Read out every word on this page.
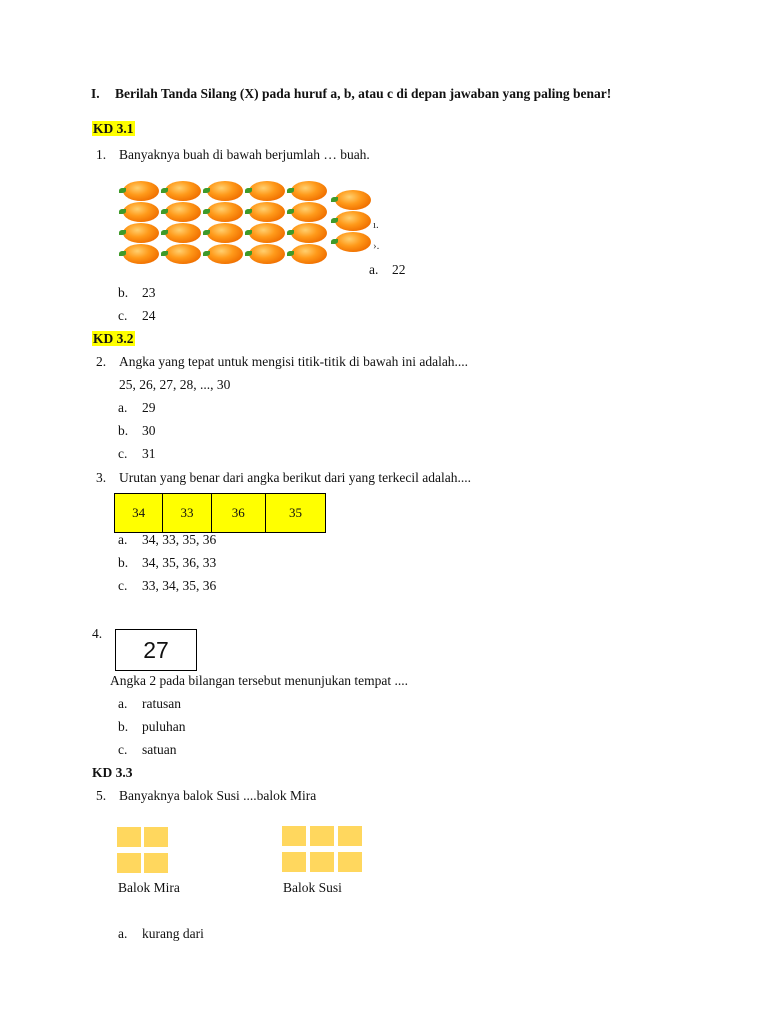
I. Berilah Tanda Silang (X) pada huruf a, b, atau c di depan jawaban yang paling benar!
KD 3.1
1. Banyaknya buah di bawah berjumlah … buah.
ı.
›.
a. 22
b. 23
c. 24
KD 3.2
2. Angka yang tepat untuk mengisi titik-titik di bawah ini adalah....
25, 26, 27, 28, ..., 30
a. 29
b. 30
c. 31
3. Urutan yang benar dari angka berikut dari yang terkecil adalah....
34	33	36	35
a. 34, 33, 35, 36
b. 34, 35, 36, 33
c. 33, 34, 35, 36
4.
27
Angka 2 pada bilangan tersebut menunjukan tempat ....
a. ratusan
b. puluhan
c. satuan
KD 3.3
5. Banyaknya balok Susi ....balok Mira
Balok Mira	Balok Susi
a. kurang dari
